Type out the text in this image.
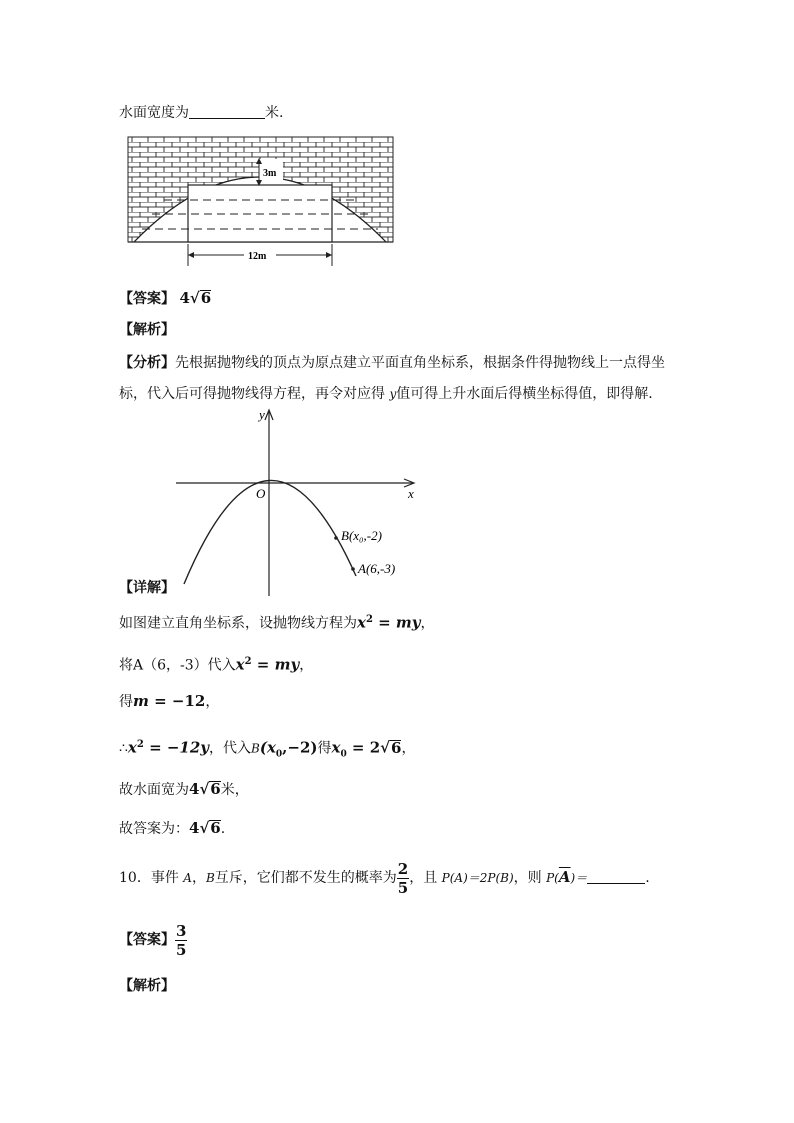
水面宽度为	米.
3m
12m
【答案】 4√6
【解析】
【分析】先根据抛物线的顶点为原点建立平面直角坐标系，根据条件得抛物线上一点得坐
标，代入后可得抛物线得方程，再令对应得 y值可得上升水面后得横坐标得值，即得解.
y
x
O
B(x₀,-2)
A(6,-3)
【详解】
如图建立直角坐标系，设抛物线方程为$x^2$ = my，
将A（6，-3）代入$x^2$ = my，
得m = −12，
$\therefore x^2 = -12y$，代入$B(x_0,-2)$得$x_0 = 2√6$，
故水面宽为4√6米，
故答案为：4√6.
10．事件 A，B互斥，它们都不发生的概率为 $\frac{2}{5}$ ，且 P(A)＝2P(B)，则 $P(\overline{A})=$	.
【答案】 $\frac{3}{5}$
【解析】
